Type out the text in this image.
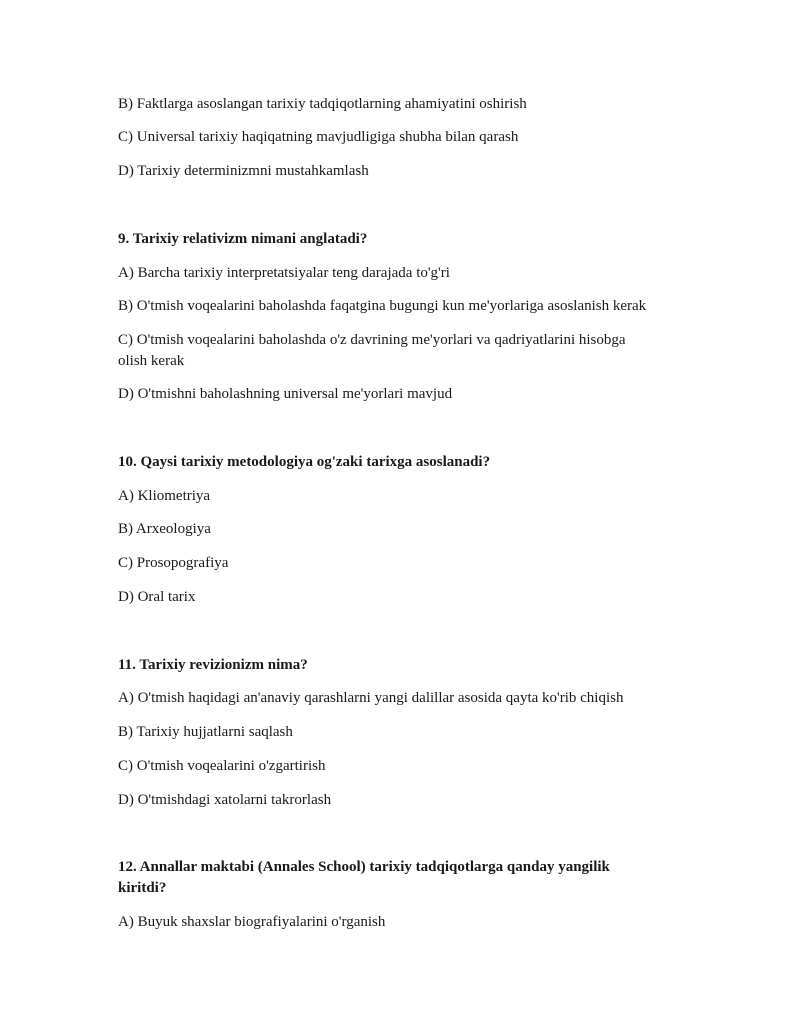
B) Faktlarga asoslangan tarixiy tadqiqotlarning ahamiyatini oshirish

C) Universal tarixiy haqiqatning mavjudligiga shubha bilan qarash

D) Tarixiy determinizmni mustahkamlash

9. Tarixiy relativizm nimani anglatadi?

A) Barcha tarixiy interpretatsiyalar teng darajada to'g'ri

B) O'tmish voqealarini baholashda faqatgina bugungi kun me'yorlariga asoslanish kerak

C) O'tmish voqealarini baholashda o'z davrining me'yorlari va qadriyatlarini hisobga olish kerak

D) O'tmishni baholashning universal me'yorlari mavjud

10. Qaysi tarixiy metodologiya og'zaki tarixga asoslanadi?

A) Kliometriya

B) Arxeologiya

C) Prosopografiya

D) Oral tarix

11. Tarixiy revizionizm nima?

A) O'tmish haqidagi an'anaviy qarashlarni yangi dalillar asosida qayta ko'rib chiqish

B) Tarixiy hujjatlarni saqlash

C) O'tmish voqealarini o'zgartirish

D) O'tmishdagi xatolarni takrorlash

12. Annallar maktabi (Annales School) tarixiy tadqiqotlarga qanday yangilik kiritdi?

A) Buyuk shaxslar biografiyalarini o'rganish
